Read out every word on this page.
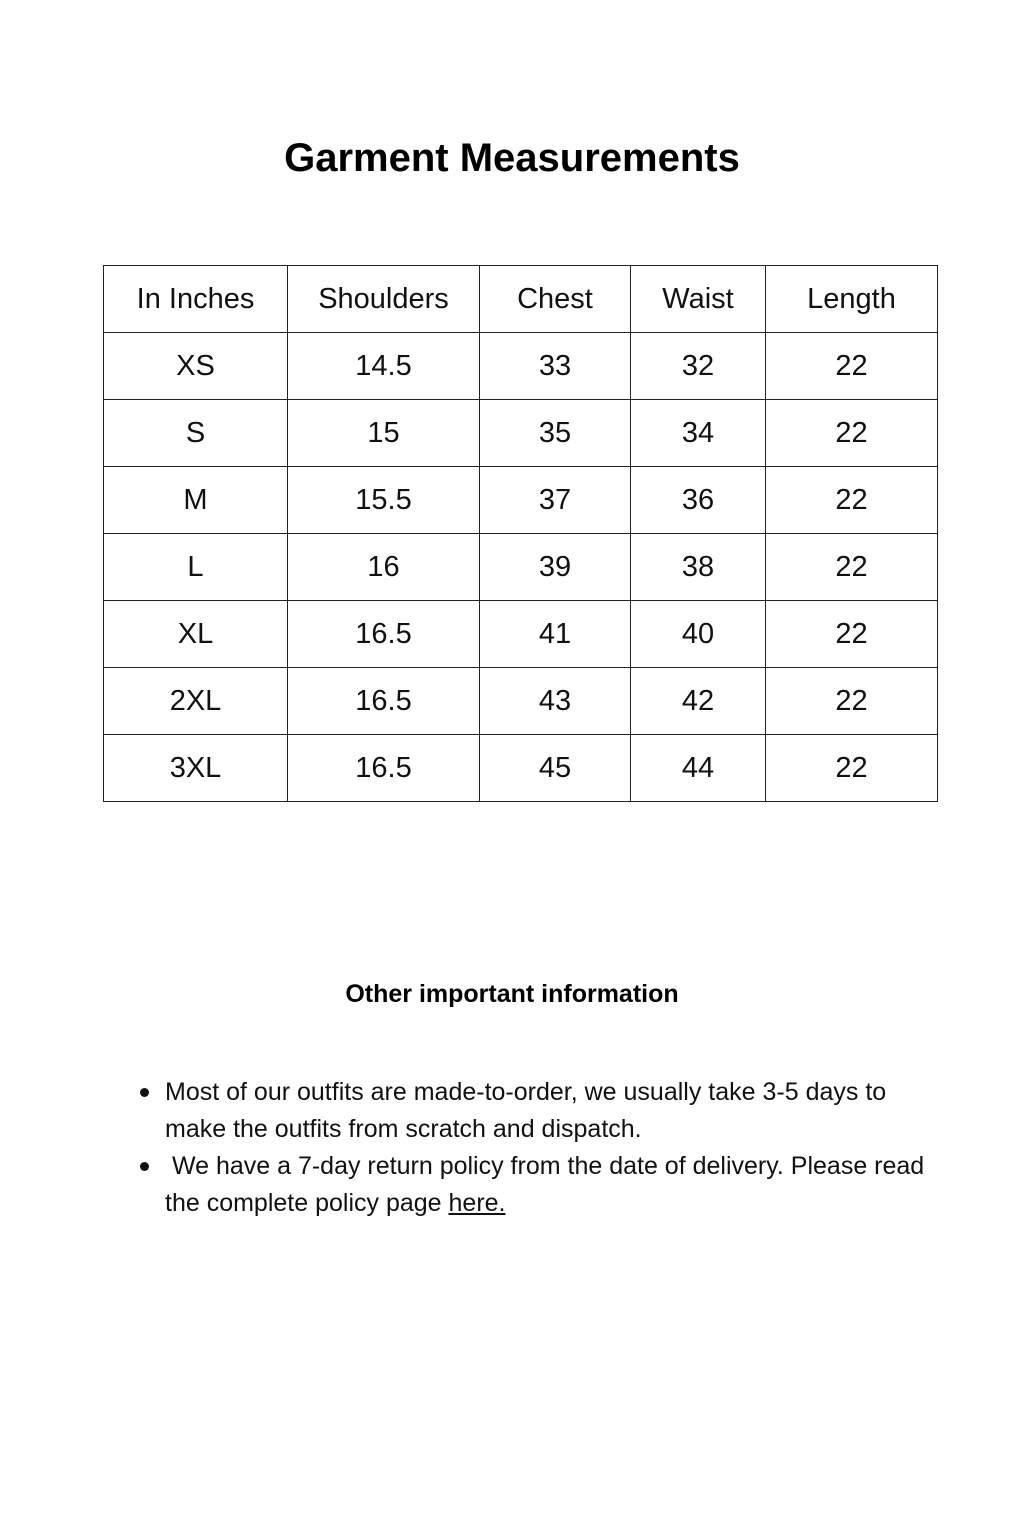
Garment Measurements
In Inches	Shoulders	Chest	Waist	Length
XS	14.5	33	32	22
S	15	35	34	22
M	15.5	37	36	22
L	16	39	38	22
XL	16.5	41	40	22
2XL	16.5	43	42	22
3XL	16.5	45	44	22
Other important information
Most of our outfits are made-to-order, we usually take 3-5 days to make the outfits from scratch and dispatch.
We have a 7-day return policy from the date of delivery. Please read the complete policy page here.
